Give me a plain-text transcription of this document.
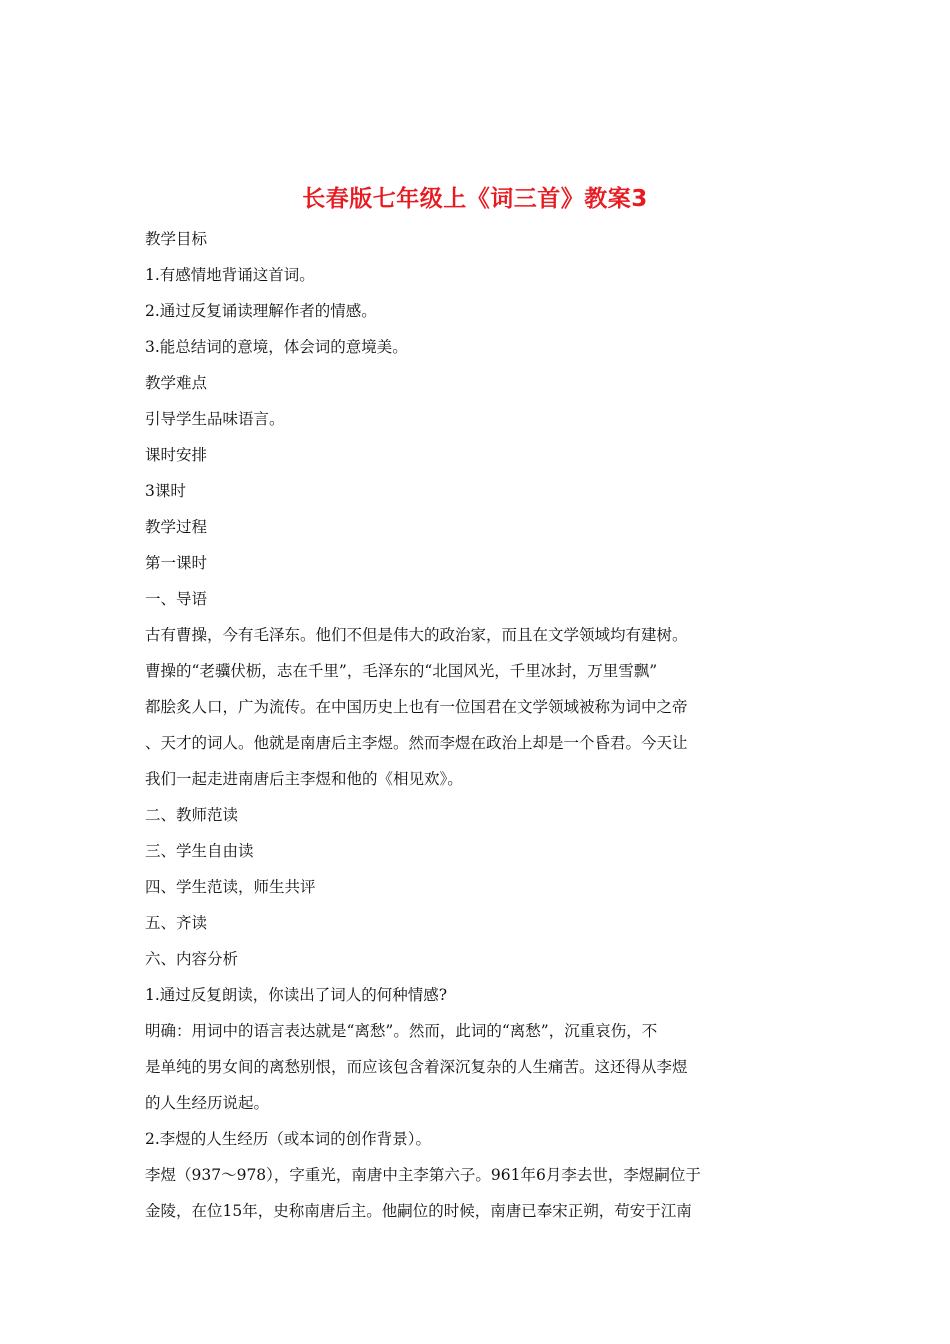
长春版七年级上《词三首》教案3
教学目标
1.有感情地背诵这首词。
2.通过反复诵读理解作者的情感。
3.能总结词的意境，体会词的意境美。
教学难点
引导学生品味语言。
课时安排
3课时
教学过程
第一课时
一、导语
古有曹操，今有毛泽东。他们不但是伟大的政治家，而且在文学领域均有建树。
曹操的“老骥伏枥，志在千里”，毛泽东的“北国风光，千里冰封，万里雪飘”
都脍炙人口，广为流传。在中国历史上也有一位国君在文学领域被称为词中之帝
、天才的词人。他就是南唐后主李煜。然而李煜在政治上却是一个昏君。今天让
我们一起走进南唐后主李煜和他的《相见欢》。
二、教师范读
三、学生自由读
四、学生范读，师生共评
五、齐读
六、内容分析
1.通过反复朗读，你读出了词人的何种情感?
明确：用词中的语言表达就是“离愁”。然而，此词的“离愁”，沉重哀伤，不
是单纯的男女间的离愁别恨，而应该包含着深沉复杂的人生痛苦。这还得从李煜
的人生经历说起。
2.李煜的人生经历（或本词的创作背景）。
李煜（937～978），字重光，南唐中主李第六子。961年6月李去世，李煜嗣位于
金陵，在位15年，史称南唐后主。他嗣位的时候，南唐已奉宋正朔，苟安于江南
